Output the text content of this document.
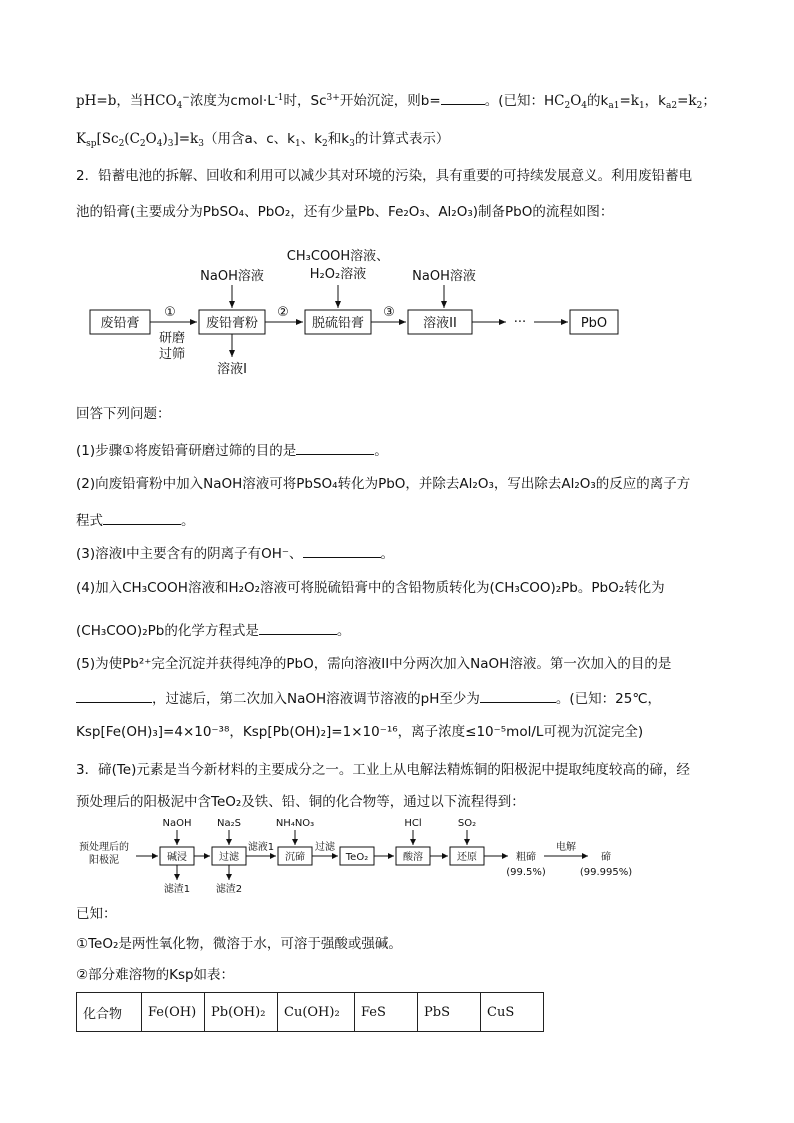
pH=b，当$HCO_4^-$浓度为$cmol\cdot L^{-1}$时，$Sc^{3+}$开始沉淀，则b=	。(已知：$HC_2O_4$的$k_{a1}=k_1$，$k_{a2}=k_2$；
$K_{sp}[Sc_2(C_2O_4)_3]=k_3$（用含a、c、$k_1$、$k_2$和$k_3$的计算式表示）
2．铅蓄电池的拆解、回收和利用可以减少其对环境的污染，具有重要的可持续发展意义。利用废铅蓄电
池的铅膏(主要成分为PbSO₄、PbO₂，还有少量Pb、Fe₂O₃、Al₂O₃)制备PbO的流程如图：
废铅膏
①
研磨
过筛
废铅膏粉
NaOH溶液
溶液I
②
脱硫铅膏
CH₃COOH溶液、
H₂O₂溶液
③
溶液II
NaOH溶液
···	PbO
回答下列问题：
(1)步骤①将废铅膏研磨过筛的目的是	。
(2)向废铅膏粉中加入NaOH溶液可将PbSO₄转化为PbO，并除去Al₂O₃，写出除去Al₂O₃的反应的离子方
程式	。
(3)溶液I中主要含有的阴离子有OH⁻、	。
(4)加入CH₃COOH溶液和H₂O₂溶液可将脱硫铅膏中的含铅物质转化为(CH₃COO)₂Pb。PbO₂转化为
(CH₃COO)₂Pb的化学方程式是	。
(5)为使Pb²⁺完全沉淀并获得纯净的PbO，需向溶液II中分两次加入NaOH溶液。第一次加入的目的是
，过滤后，第二次加入NaOH溶液调节溶液的pH至少为	。(已知：25℃，
Ksp[Fe(OH)₃]=4×10⁻³⁸，Ksp[Pb(OH)₂]=1×10⁻¹⁶，离子浓度≤10⁻⁵mol/L可视为沉淀完全)
3．碲(Te)元素是当今新材料的主要成分之一。工业上从电解法精炼铜的阳极泥中提取纯度较高的碲，经
预处理后的阳极泥中含TeO₂及铁、铅、铜的化合物等，通过以下流程得到：
预处理后的
阳极泥	碱浸
NaOH
滤渣1
过滤
Na₂S
滤渣2
滤液1
沉碲
NH₄NO₃
过滤
TeO₂	酸溶
HCl
还原
SO₂
粗碲
(99.5%)
电解
碲
(99.995%)
已知：
①TeO₂是两性氧化物，微溶于水，可溶于强酸或强碱。
②部分难溶物的Ksp如表：
化合物	Fe(OH)	Pb(OH)₂	Cu(OH)₂	FeS	PbS	CuS
